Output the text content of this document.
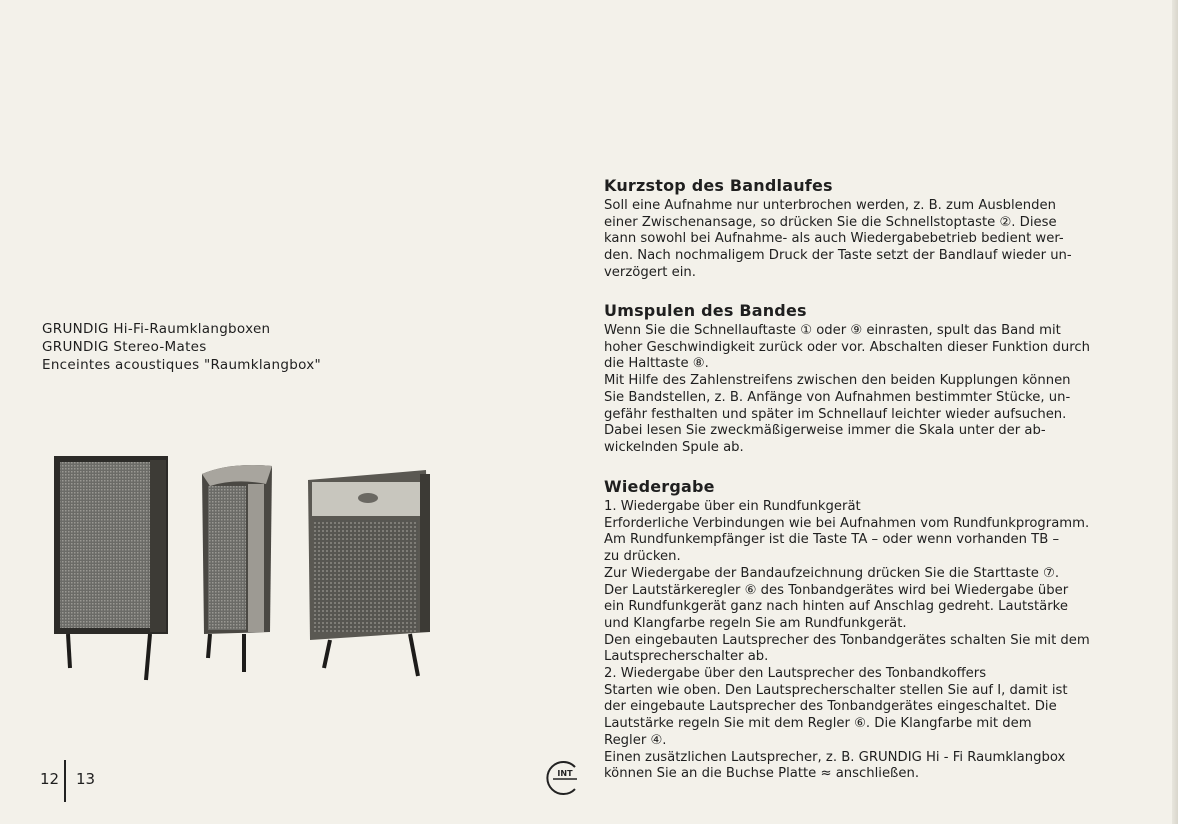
GRUNDIG Hi-Fi-Raumklangboxen
GRUNDIG Stereo-Mates
Enceintes acoustiques "Raumklangbox"
12 13
Kurzstop des Bandlaufes

Soll eine Aufnahme nur unterbrochen werden, z. B. zum Ausblenden
einer Zwischenansage, so drücken Sie die Schnellstoptaste ②. Diese
kann sowohl bei Aufnahme- als auch Wiedergabebetrieb bedient wer-
den. Nach nochmaligem Druck der Taste setzt der Bandlauf wieder un-
verzögert ein.

Umspulen des Bandes

Wenn Sie die Schnellauftaste ① oder ⑨ einrasten, spult das Band mit
hoher Geschwindigkeit zurück oder vor. Abschalten dieser Funktion durch
die Halttaste ⑧.
Mit Hilfe des Zahlenstreifens zwischen den beiden Kupplungen können
Sie Bandstellen, z. B. Anfänge von Aufnahmen bestimmter Stücke, un-
gefähr festhalten und später im Schnellauf leichter wieder aufsuchen.
Dabei lesen Sie zweckmäßigerweise immer die Skala unter der ab-
wickelnden Spule ab.

Wiedergabe

1. Wiedergabe über ein Rundfunkgerät
Erforderliche Verbindungen wie bei Aufnahmen vom Rundfunkprogramm.
Am Rundfunkempfänger ist die Taste TA – oder wenn vorhanden TB –
zu drücken.
Zur Wiedergabe der Bandaufzeichnung drücken Sie die Starttaste ⑦.
Der Lautstärkeregler ⑥ des Tonbandgerätes wird bei Wiedergabe über
ein Rundfunkgerät ganz nach hinten auf Anschlag gedreht. Lautstärke
und Klangfarbe regeln Sie am Rundfunkgerät.
Den eingebauten Lautsprecher des Tonbandgerätes schalten Sie mit dem
Lautsprecherschalter ab.
2. Wiedergabe über den Lautsprecher des Tonbandkoffers
Starten wie oben. Den Lautsprecherschalter stellen Sie auf I, damit ist
der eingebaute Lautsprecher des Tonbandgerätes eingeschaltet. Die
Lautstärke regeln Sie mit dem Regler ⑥. Die Klangfarbe mit dem
Regler ④.
Einen zusätzlichen Lautsprecher, z. B. GRUNDIG Hi - Fi Raumklangbox
können Sie an die Buchse Platte ≈ anschließen.

INT
